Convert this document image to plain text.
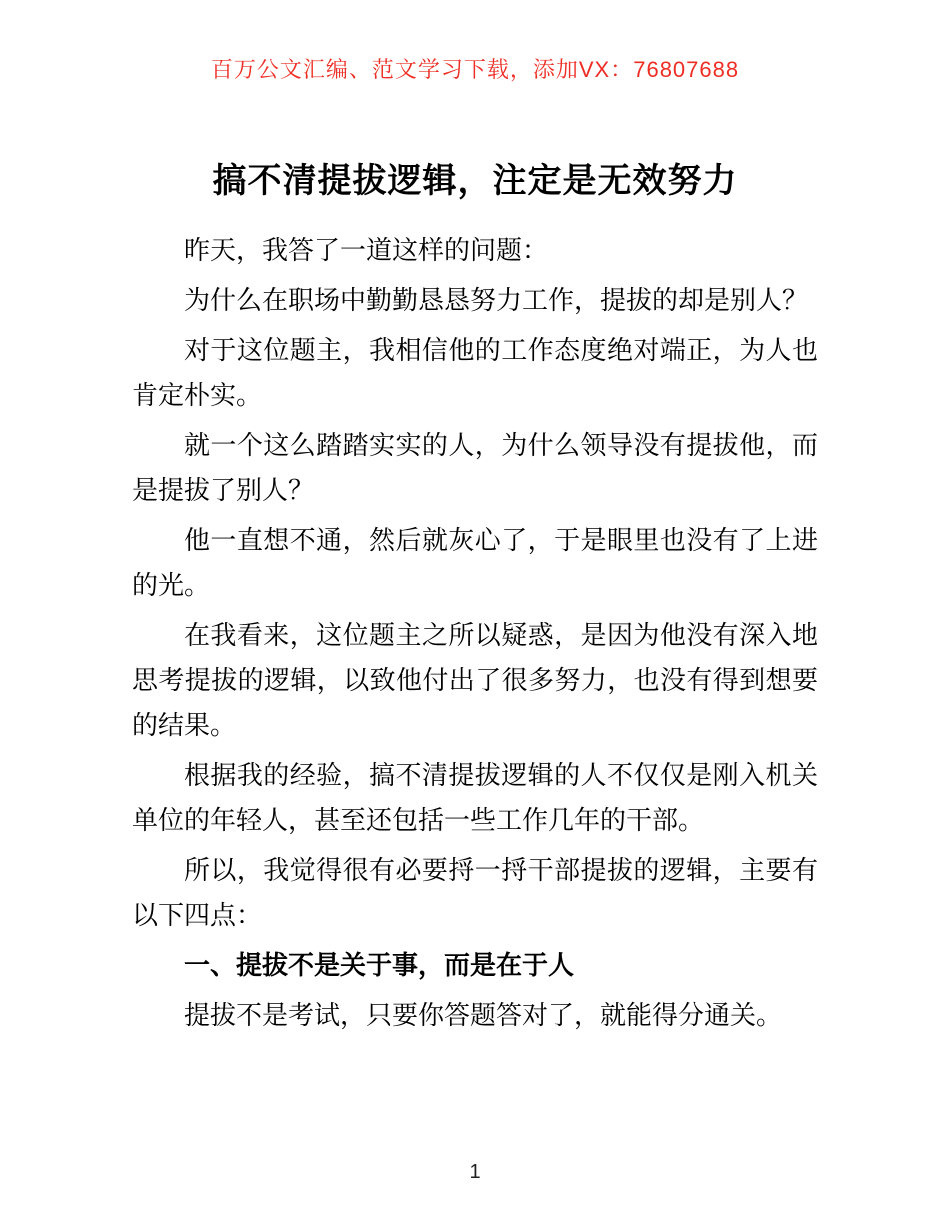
百万公文汇编、范文学习下载，添加VX：76807688
搞不清提拔逻辑，注定是无效努力

昨天，我答了一道这样的问题：

为什么在职场中勤勤恳恳努力工作，提拔的却是别人？

对于这位题主，我相信他的工作态度绝对端正，为人也肯定朴实。

就一个这么踏踏实实的人，为什么领导没有提拔他，而是提拔了别人？

他一直想不通，然后就灰心了，于是眼里也没有了上进的光。

在我看来，这位题主之所以疑惑，是因为他没有深入地思考提拔的逻辑，以致他付出了很多努力，也没有得到想要的结果。

根据我的经验，搞不清提拔逻辑的人不仅仅是刚入机关单位的年轻人，甚至还包括一些工作几年的干部。

所以，我觉得很有必要捋一捋干部提拔的逻辑，主要有以下四点：

一、提拔不是关于事，而是在于人

提拔不是考试，只要你答题答对了，就能得分通关。

1
